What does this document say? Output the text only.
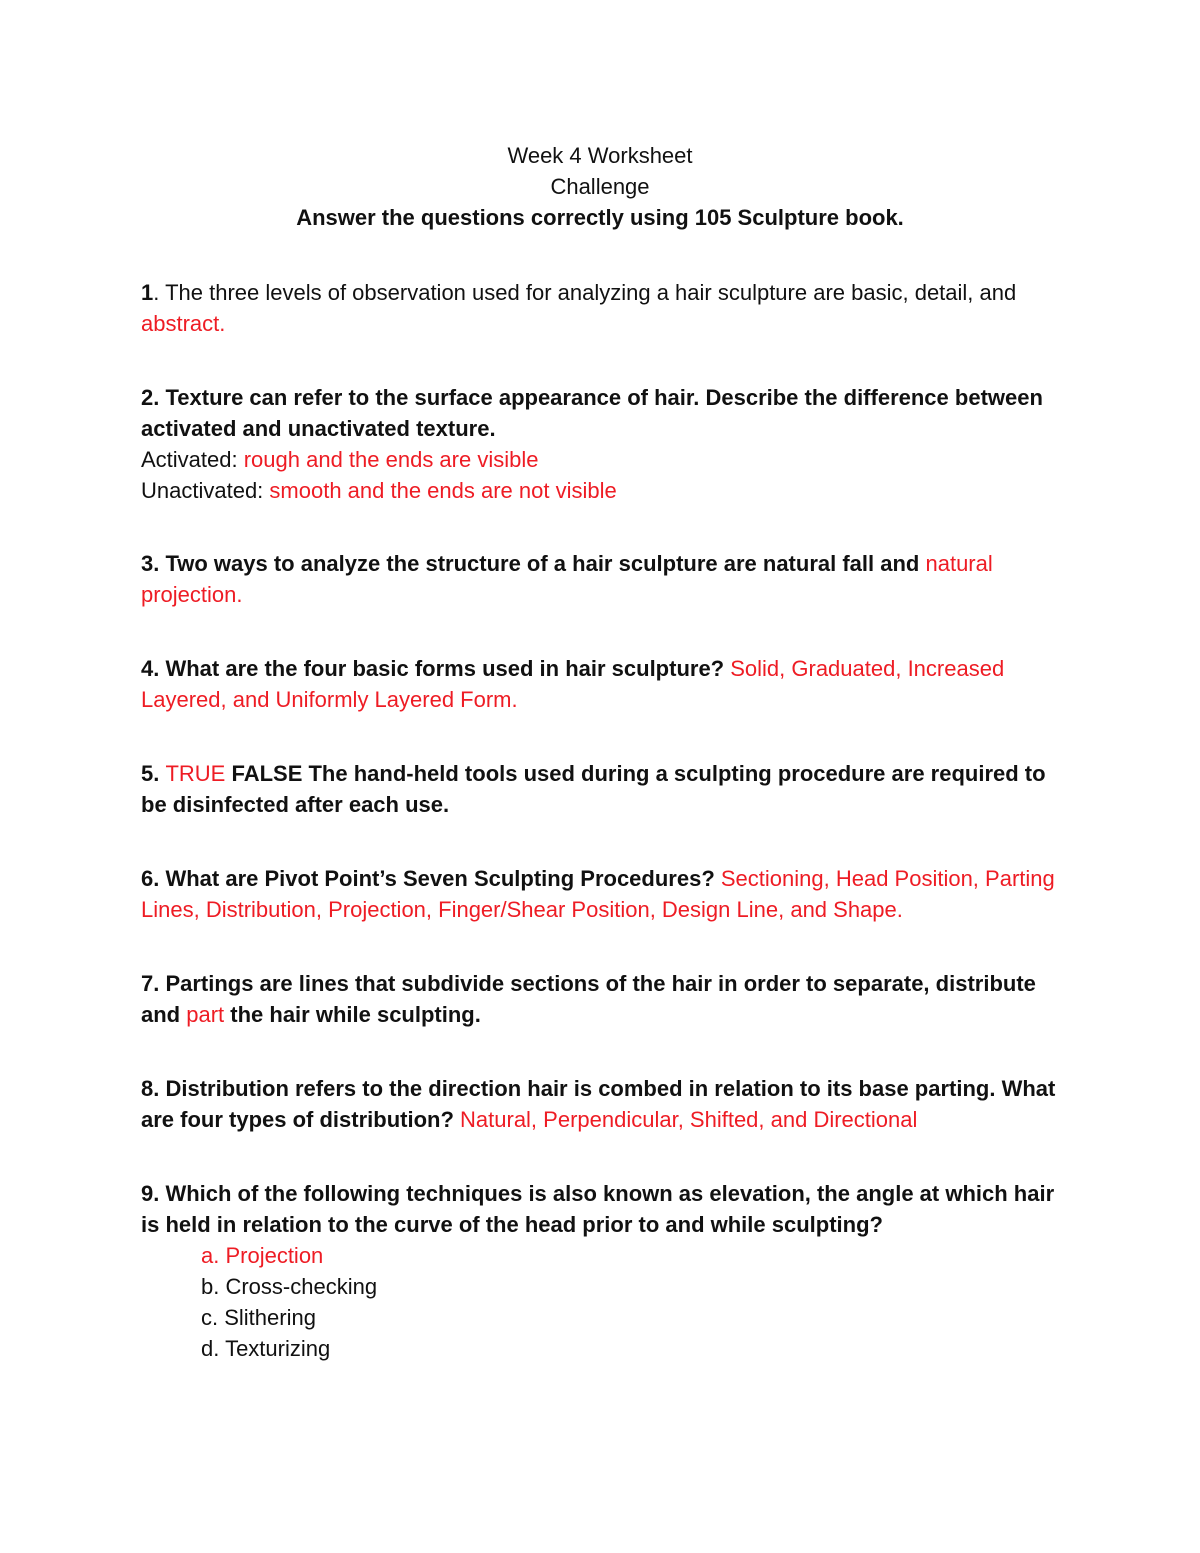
Week 4 Worksheet
Challenge
Answer the questions correctly using 105 Sculpture book.

1. The three levels of observation used for analyzing a hair sculpture are basic, detail, and abstract.

2. Texture can refer to the surface appearance of hair. Describe the difference between activated and unactivated texture.

Activated: rough and the ends are visible

Unactivated: smooth and the ends are not visible

3. Two ways to analyze the structure of a hair sculpture are natural fall and natural projection.

4. What are the four basic forms used in hair sculpture? Solid, Graduated, Increased Layered, and Uniformly Layered Form.

5. TRUE FALSE The hand-held tools used during a sculpting procedure are required to be disinfected after each use.

6. What are Pivot Point’s Seven Sculpting Procedures? Sectioning, Head Position, Parting Lines, Distribution, Projection, Finger/Shear Position, Design Line, and Shape.

7. Partings are lines that subdivide sections of the hair in order to separate, distribute and part the hair while sculpting.

8. Distribution refers to the direction hair is combed in relation to its base parting. What are four types of distribution? Natural, Perpendicular, Shifted, and Directional

9. Which of the following techniques is also known as elevation, the angle at which hair is held in relation to the curve of the head prior to and while sculpting?

a. Projection
b. Cross-checking
c. Slithering
d. Texturizing
